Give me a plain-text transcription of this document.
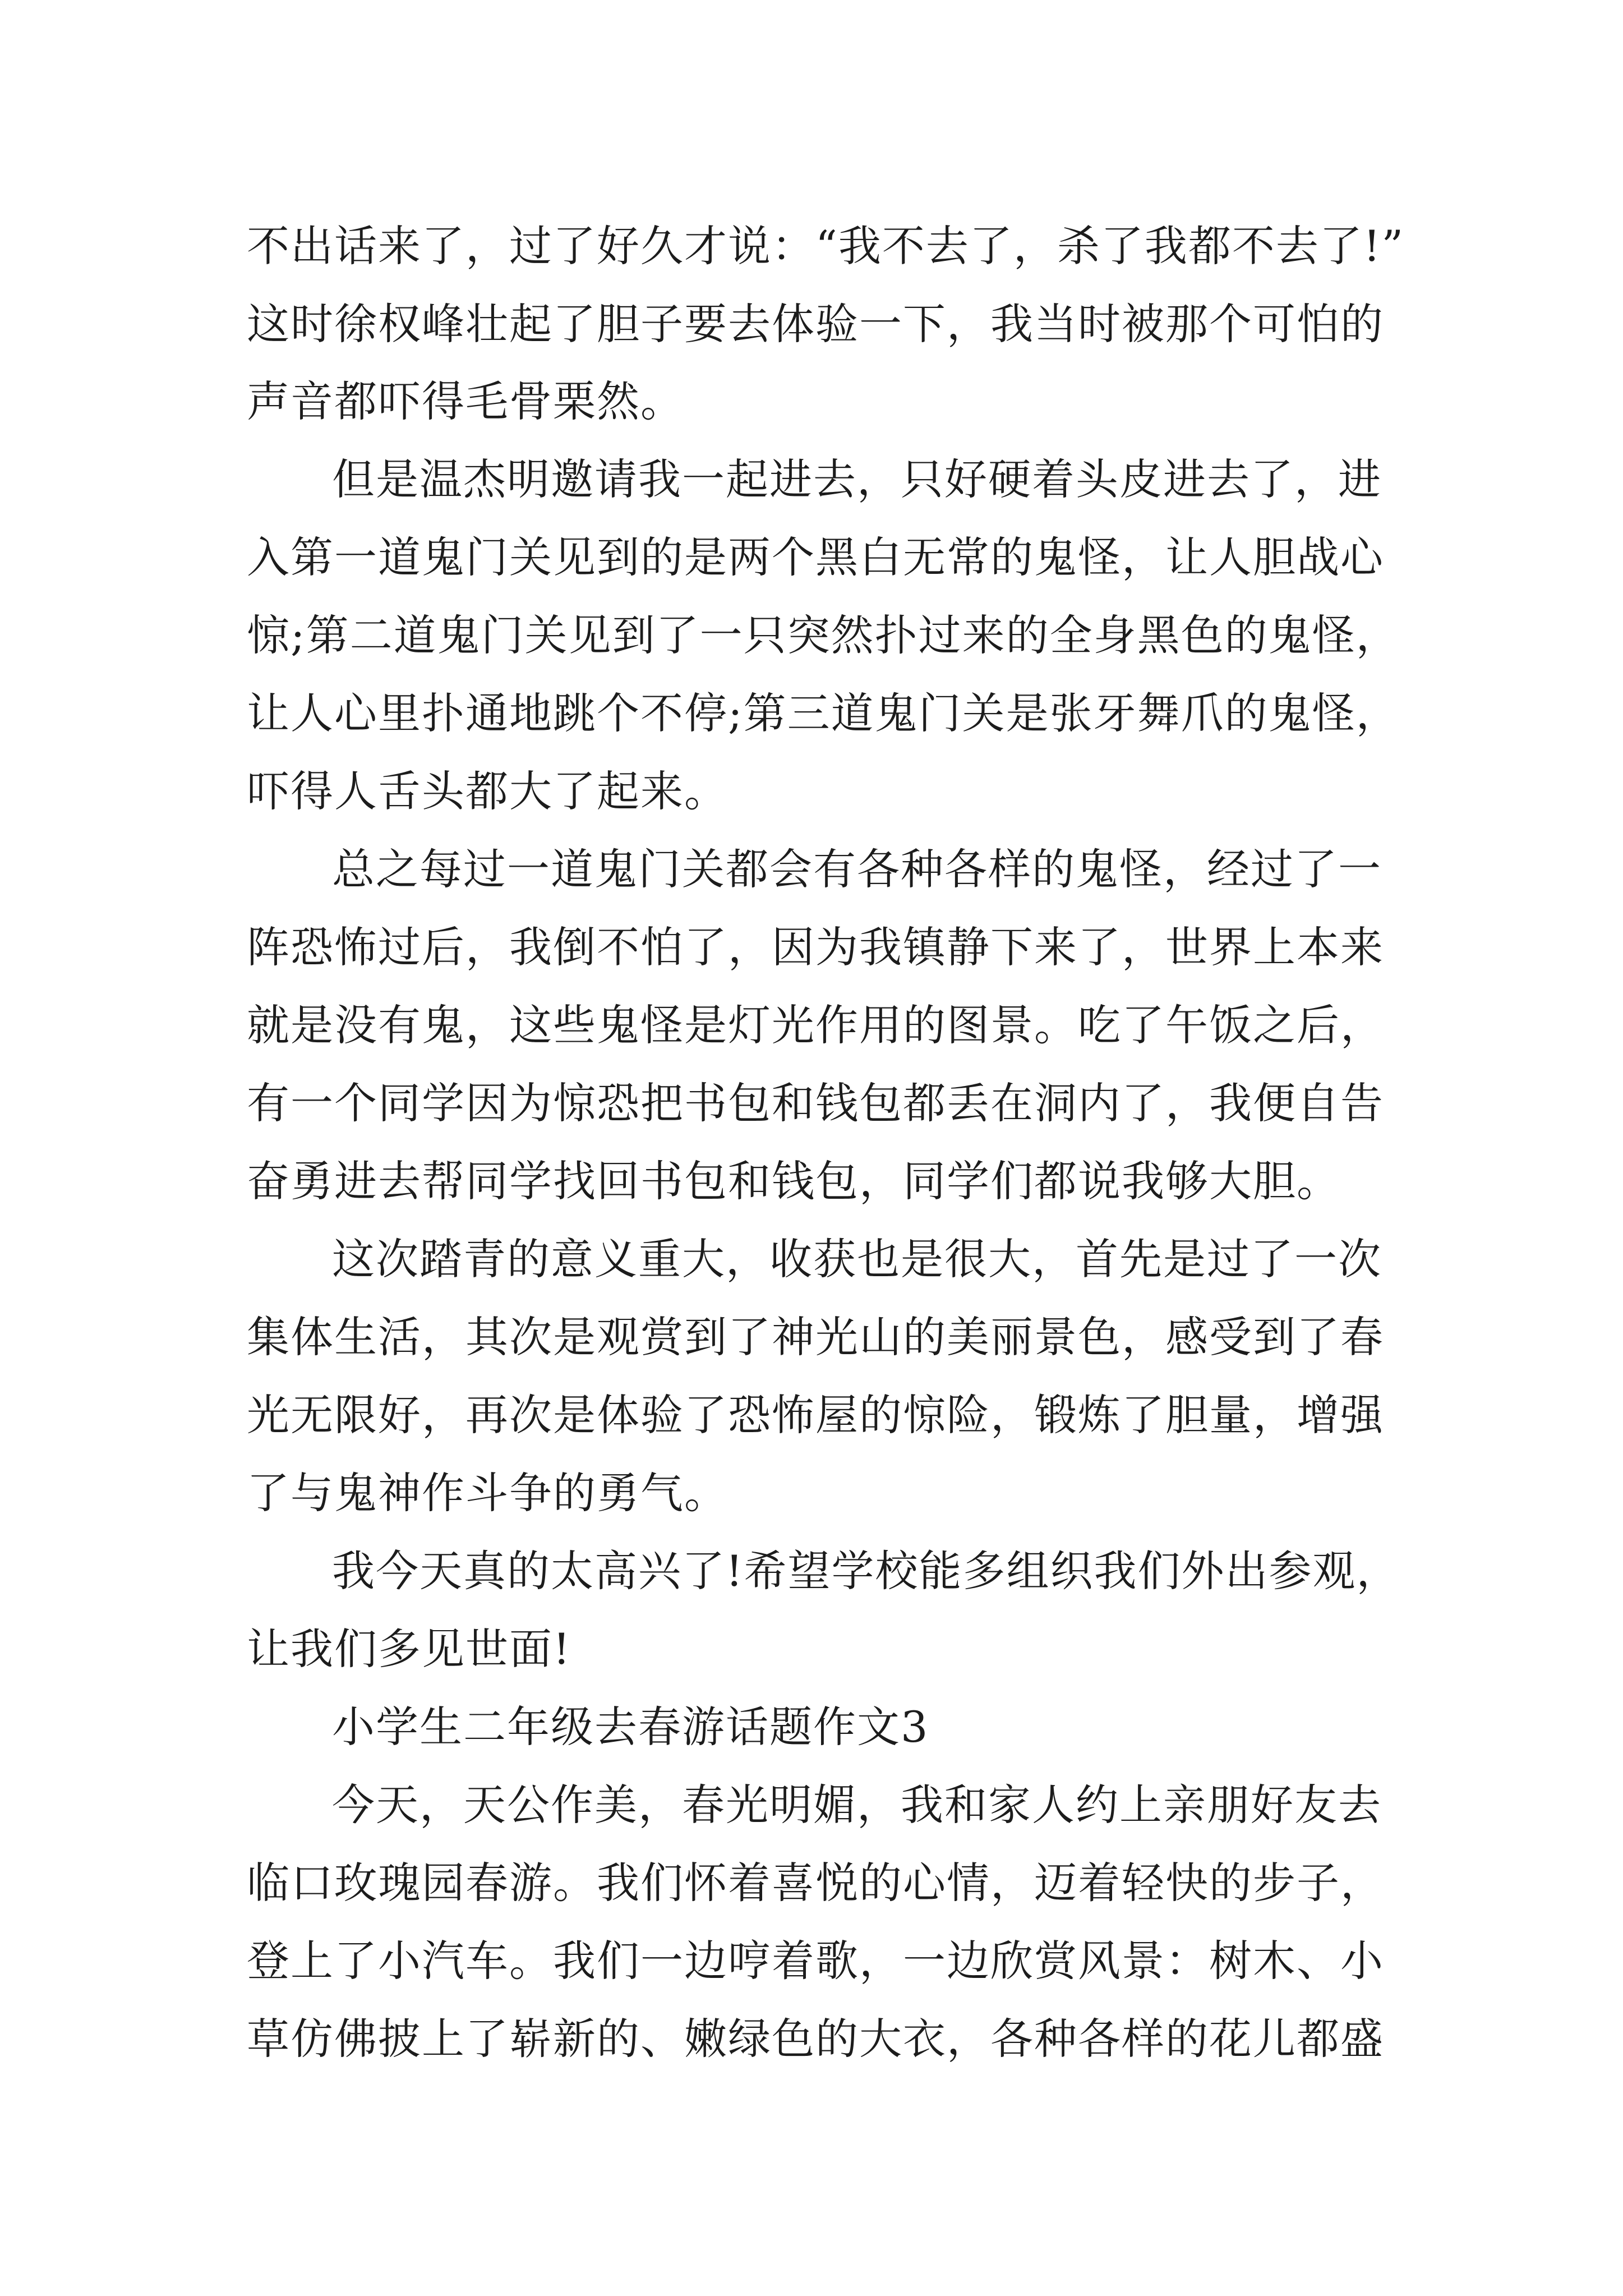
不出话来了，过了好久才说：“我不去了，杀了我都不去了!”

这时徐权峰壮起了胆子要去体验一下，我当时被那个可怕的

声音都吓得毛骨栗然。

但是温杰明邀请我一起进去，只好硬着头皮进去了，进

入第一道鬼门关见到的是两个黑白无常的鬼怪，让人胆战心

惊;第二道鬼门关见到了一只突然扑过来的全身黑色的鬼怪，

让人心里扑通地跳个不停;第三道鬼门关是张牙舞爪的鬼怪，

吓得人舌头都大了起来。

总之每过一道鬼门关都会有各种各样的鬼怪，经过了一

阵恐怖过后，我倒不怕了，因为我镇静下来了，世界上本来

就是没有鬼，这些鬼怪是灯光作用的图景。吃了午饭之后，

有一个同学因为惊恐把书包和钱包都丢在洞内了，我便自告

奋勇进去帮同学找回书包和钱包，同学们都说我够大胆。

这次踏青的意义重大，收获也是很大，首先是过了一次

集体生活，其次是观赏到了神光山的美丽景色，感受到了春

光无限好，再次是体验了恐怖屋的惊险，锻炼了胆量，增强

了与鬼神作斗争的勇气。

我今天真的太高兴了!希望学校能多组织我们外出参观，

让我们多见世面!

小学生二年级去春游话题作文3

今天，天公作美，春光明媚，我和家人约上亲朋好友去

临口玫瑰园春游。我们怀着喜悦的心情，迈着轻快的步子，

登上了小汽车。我们一边哼着歌，一边欣赏风景：树木、小

草仿佛披上了崭新的、嫩绿色的大衣，各种各样的花儿都盛
